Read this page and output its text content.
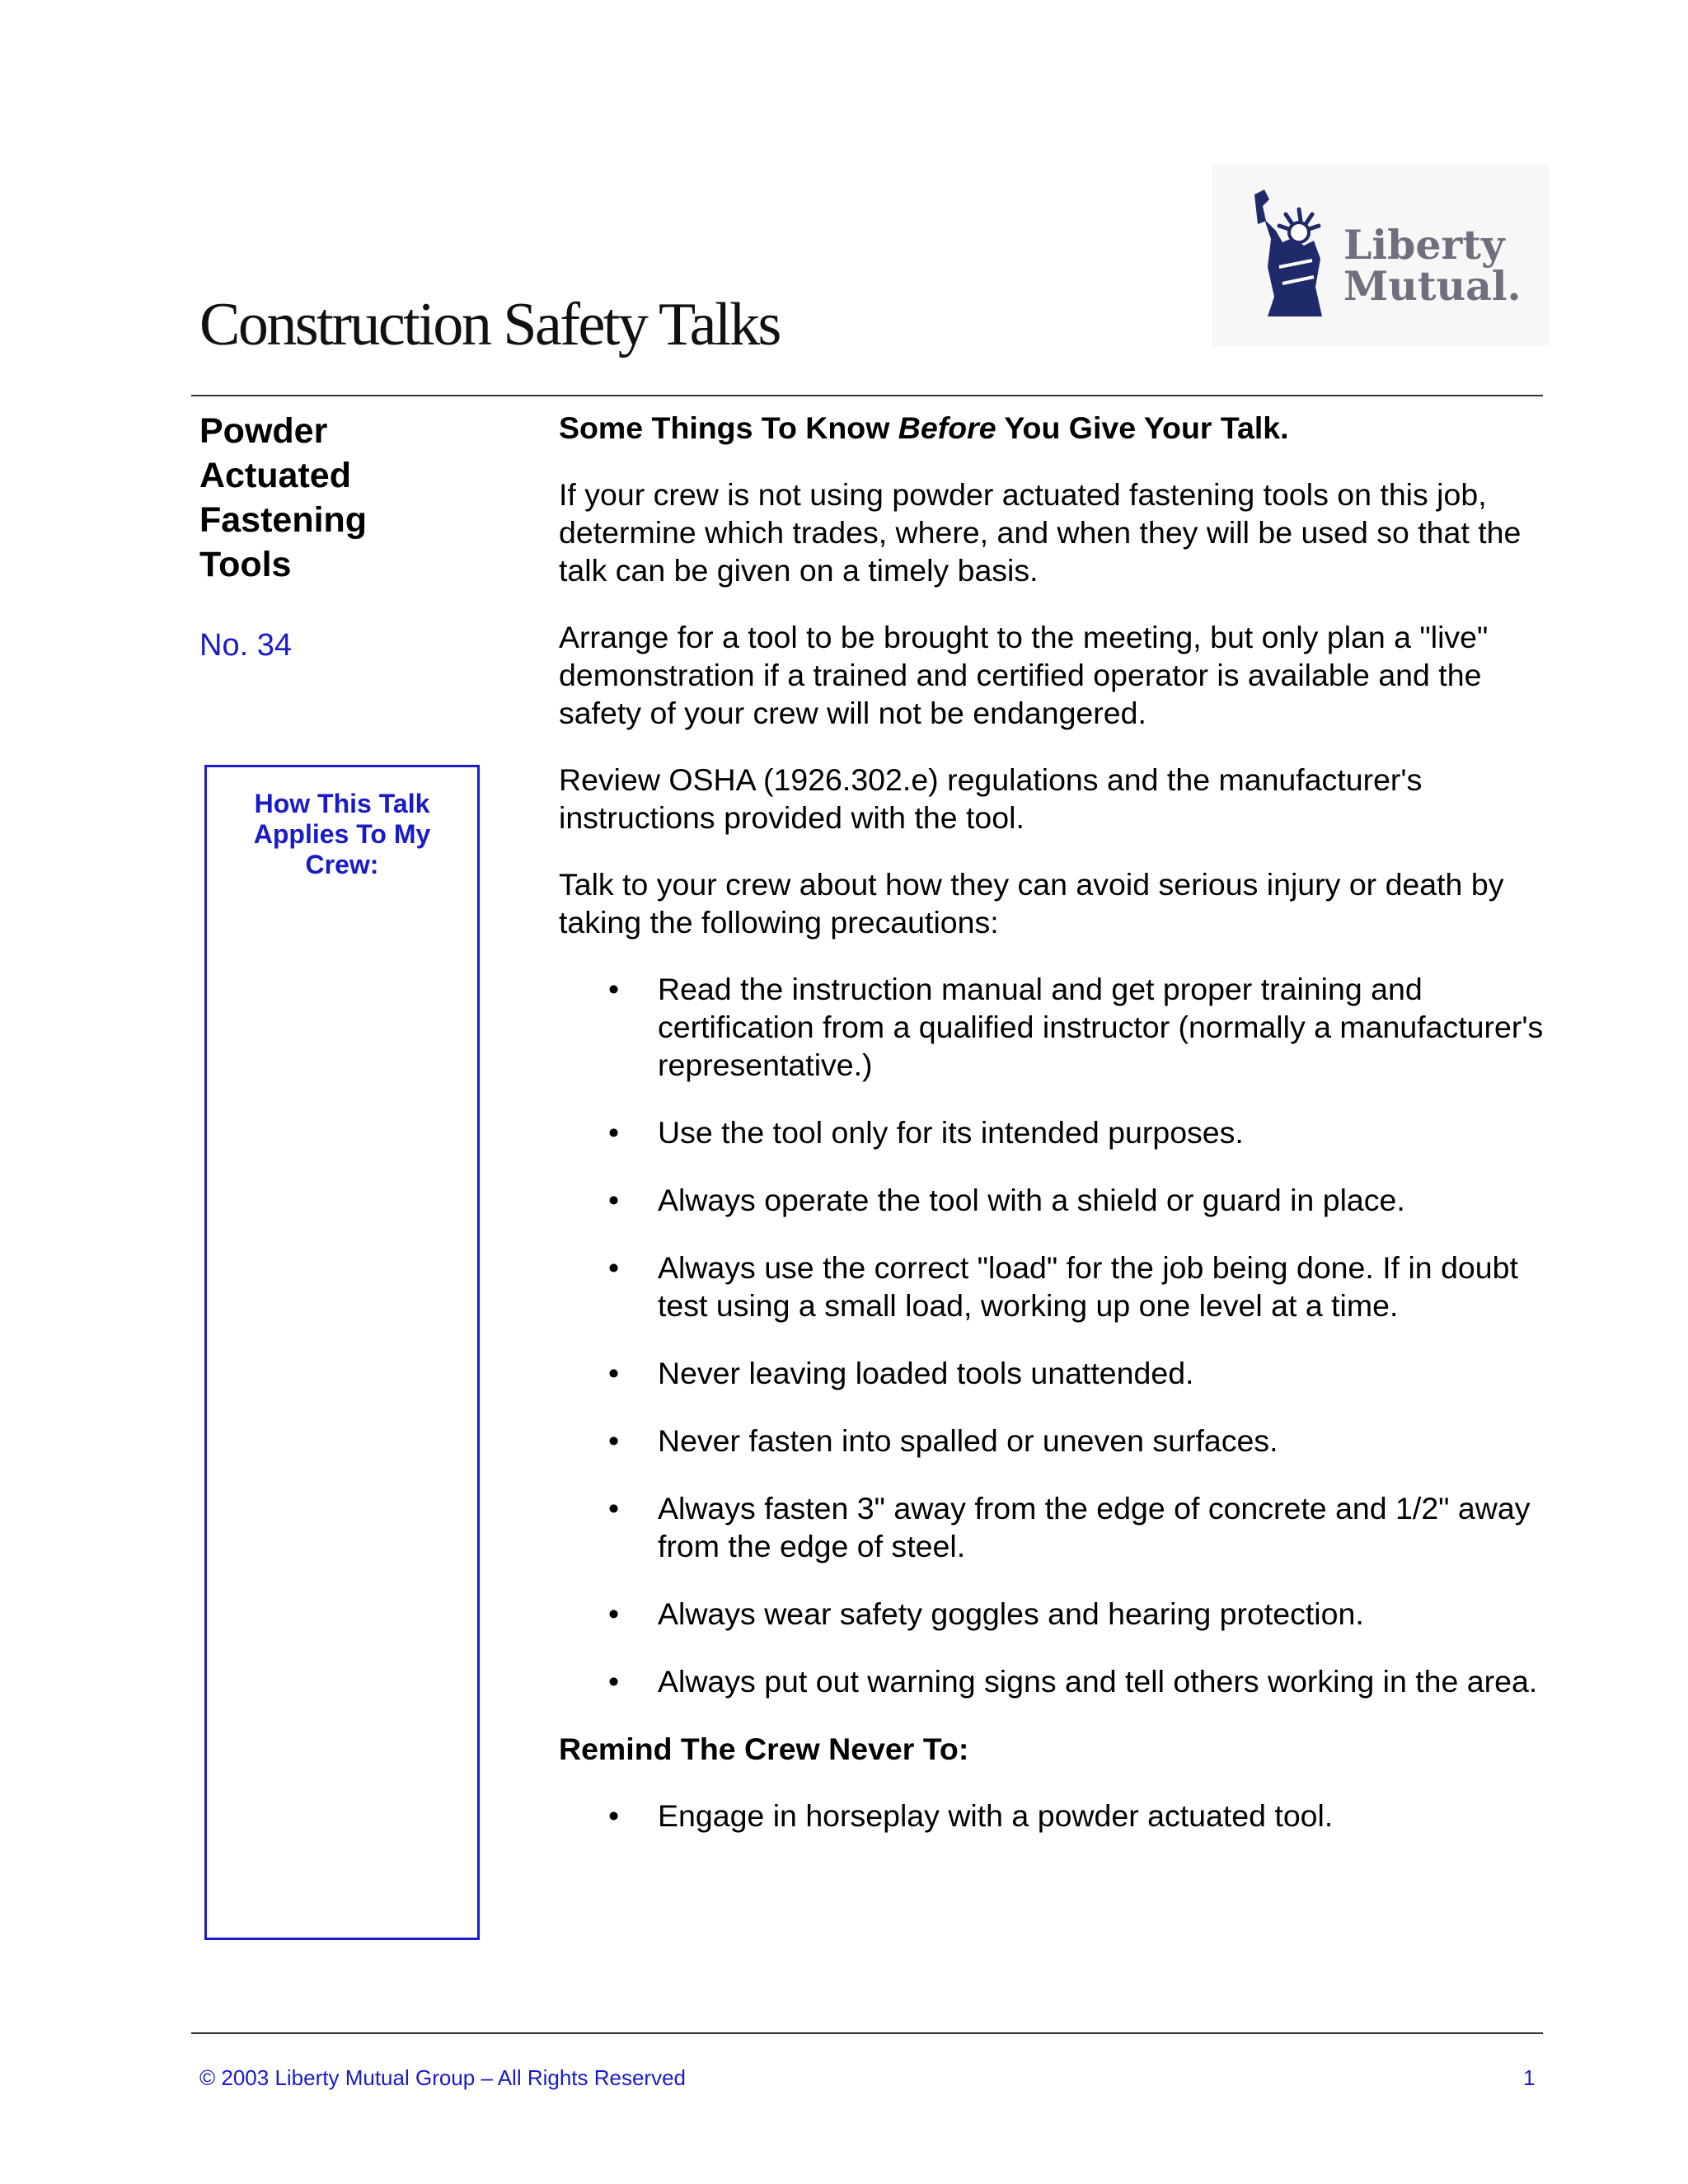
Liberty
Mutual.
Construction Safety Talks
Powder
Actuated
Fastening
Tools
No. 34
How This Talk Applies To My Crew:
Some Things To Know Before You Give Your Talk.

If your crew is not using powder actuated fastening tools on this job, determine which trades, where, and when they will be used so that the talk can be given on a timely basis.

Arrange for a tool to be brought to the meeting, but only plan a "live" demonstration if a trained and certified operator is available and the safety of your crew will not be endangered.

Review OSHA (1926.302.e) regulations and the manufacturer's instructions provided with the tool.

Talk to your crew about how they can avoid serious injury or death by taking the following precautions:

• Read the instruction manual and get proper training and certification from a qualified instructor (normally a manufacturer's representative.)
• Use the tool only for its intended purposes.
• Always operate the tool with a shield or guard in place.
• Always use the correct "load" for the job being done. If in doubt test using a small load, working up one level at a time.
• Never leaving loaded tools unattended.
• Never fasten into spalled or uneven surfaces.
• Always fasten 3" away from the edge of concrete and 1/2" away from the edge of steel.
• Always wear safety goggles and hearing protection.
• Always put out warning signs and tell others working in the area.
Remind The Crew Never To:
• Engage in horseplay with a powder actuated tool.
© 2003 Liberty Mutual Group – All Rights Reserved	1
